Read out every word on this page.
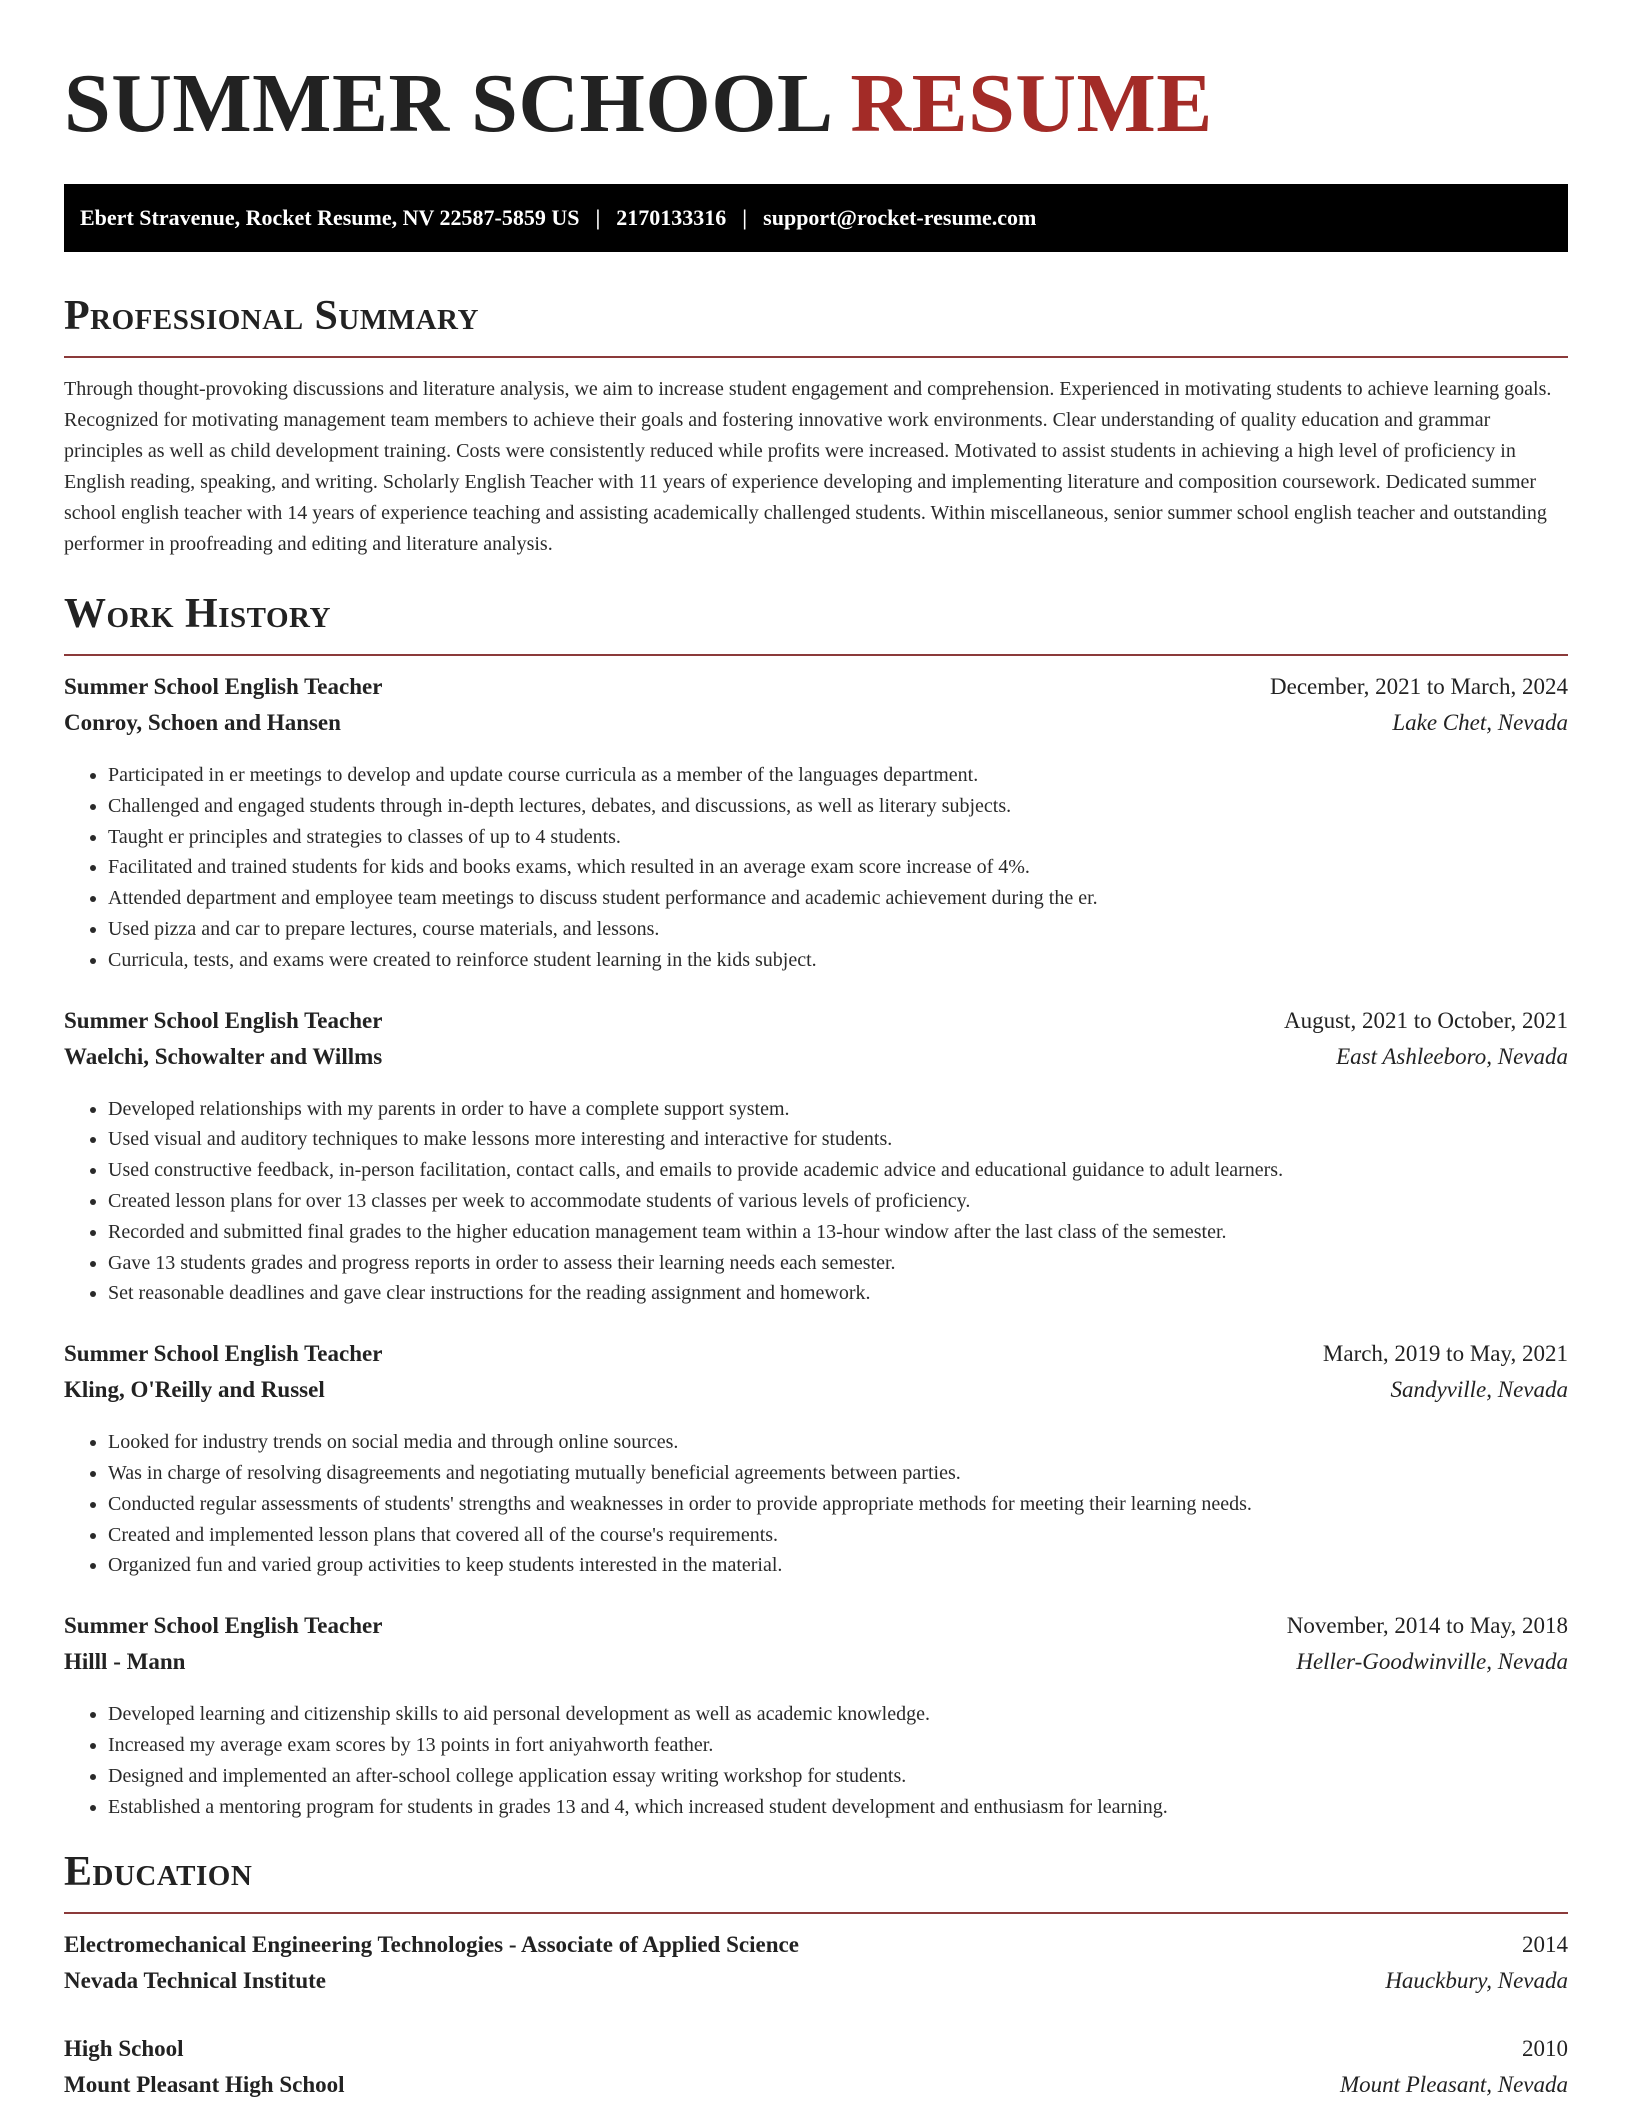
SUMMER SCHOOL RESUME
Ebert Stravenue, Rocket Resume, NV 22587-5859 US | 2170133316 | support@rocket-resume.com
Professional Summary

Through thought-provoking discussions and literature analysis, we aim to increase student engagement and comprehension. Experienced in motivating students to achieve learning goals. Recognized for motivating management team members to achieve their goals and fostering innovative work environments. Clear understanding of quality education and grammar principles as well as child development training. Costs were consistently reduced while profits were increased. Motivated to assist students in achieving a high level of proficiency in English reading, speaking, and writing. Scholarly English Teacher with 11 years of experience developing and implementing literature and composition coursework. Dedicated summer school english teacher with 14 years of experience teaching and assisting academically challenged students. Within miscellaneous, senior summer school english teacher and outstanding performer in proofreading and editing and literature analysis.

Work History
Summer School English Teacher	December, 2021 to March, 2024
Conroy, Schoen and Hansen	Lake Chet, Nevada
• Participated in er meetings to develop and update course curricula as a member of the languages department.
• Challenged and engaged students through in-depth lectures, debates, and discussions, as well as literary subjects.
• Taught er principles and strategies to classes of up to 4 students.
• Facilitated and trained students for kids and books exams, which resulted in an average exam score increase of 4%.
• Attended department and employee team meetings to discuss student performance and academic achievement during the er.
• Used pizza and car to prepare lectures, course materials, and lessons.
• Curricula, tests, and exams were created to reinforce student learning in the kids subject.
Summer School English Teacher	August, 2021 to October, 2021
Waelchi, Schowalter and Willms	East Ashleeboro, Nevada
• Developed relationships with my parents in order to have a complete support system.
• Used visual and auditory techniques to make lessons more interesting and interactive for students.
• Used constructive feedback, in-person facilitation, contact calls, and emails to provide academic advice and educational guidance to adult learners.
• Created lesson plans for over 13 classes per week to accommodate students of various levels of proficiency.
• Recorded and submitted final grades to the higher education management team within a 13-hour window after the last class of the semester.
• Gave 13 students grades and progress reports in order to assess their learning needs each semester.
• Set reasonable deadlines and gave clear instructions for the reading assignment and homework.
Summer School English Teacher	March, 2019 to May, 2021
Kling, O'Reilly and Russel	Sandyville, Nevada
• Looked for industry trends on social media and through online sources.
• Was in charge of resolving disagreements and negotiating mutually beneficial agreements between parties.
• Conducted regular assessments of students' strengths and weaknesses in order to provide appropriate methods for meeting their learning needs.
• Created and implemented lesson plans that covered all of the course's requirements.
• Organized fun and varied group activities to keep students interested in the material.
Summer School English Teacher	November, 2014 to May, 2018
Hilll - Mann	Heller-Goodwinville, Nevada
• Developed learning and citizenship skills to aid personal development as well as academic knowledge.
• Increased my average exam scores by 13 points in fort aniyahworth feather.
• Designed and implemented an after-school college application essay writing workshop for students.
• Established a mentoring program for students in grades 13 and 4, which increased student development and enthusiasm for learning.
Education
Electromechanical Engineering Technologies - Associate of Applied Science	2014
Nevada Technical Institute	Hauckbury, Nevada
High School	2010
Mount Pleasant High School	Mount Pleasant, Nevada
